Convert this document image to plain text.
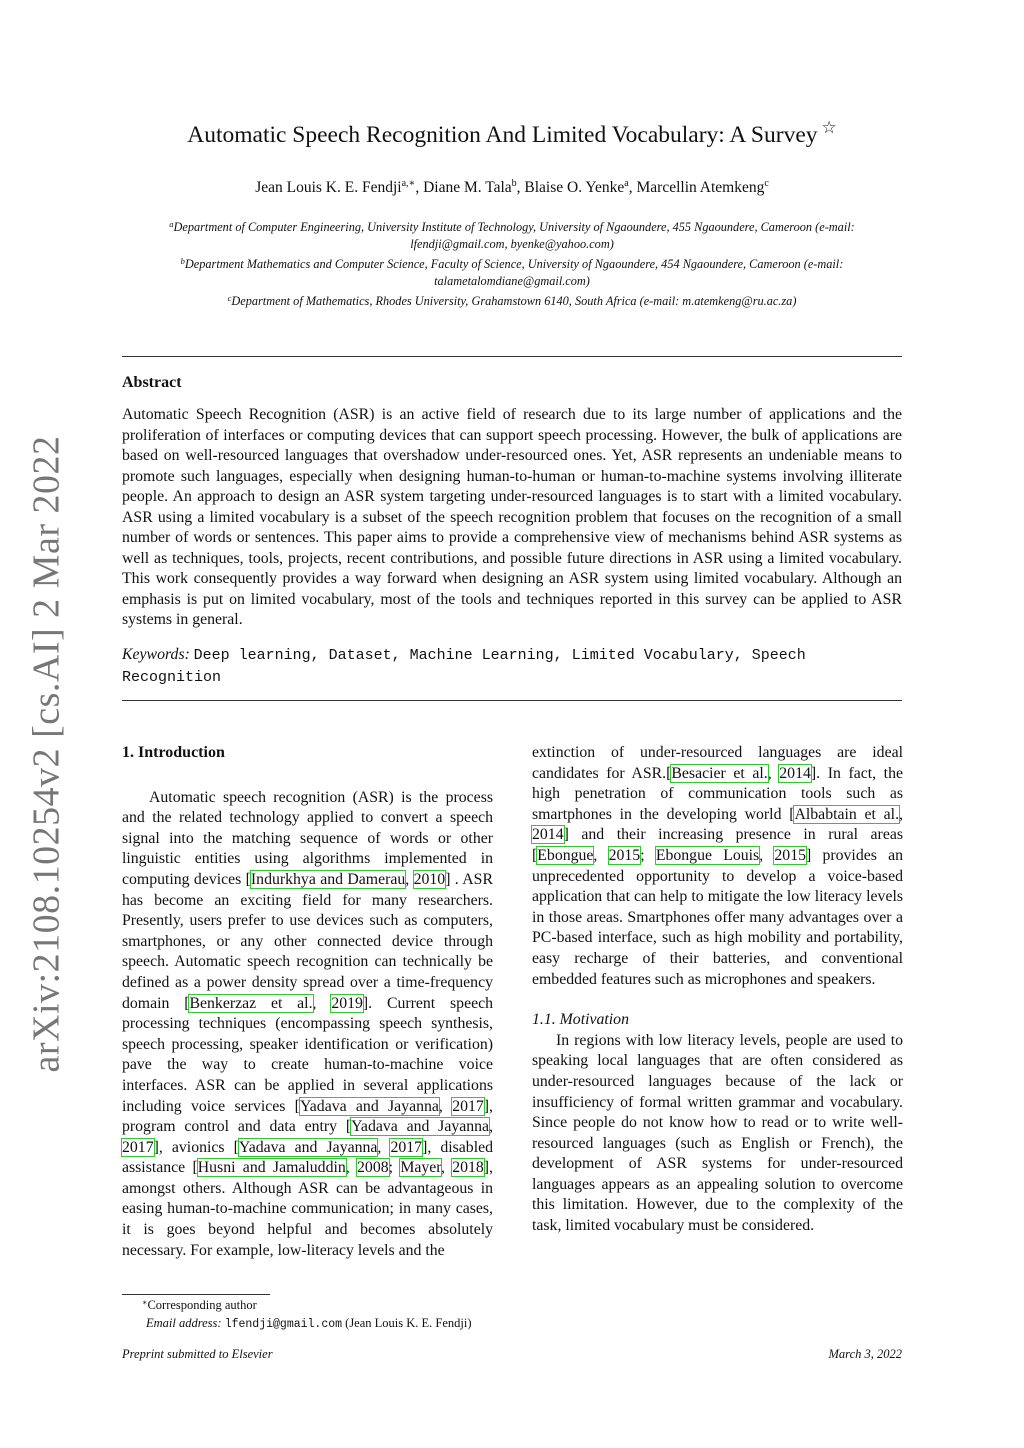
arXiv:2108.10254v2 [cs.AI] 2 Mar 2022
Automatic Speech Recognition And Limited Vocabulary: A Survey ☆
Jean Louis K. E. Fendji$^{a,∗}$, Diane M. Tala$^b$, Blaise O. Yenke$^a$, Marcellin Atemkeng$^c$
$^a$Department of Computer Engineering, University Institute of Technology, University of Ngaoundere, 455 Ngaoundere, Cameroon (e-mail:
lfendji@gmail.com, byenke@yahoo.com)
$^b$Department Mathematics and Computer Science, Faculty of Science, University of Ngaoundere, 454 Ngaoundere, Cameroon (e-mail:
talametalomdiane@gmail.com)
$^c$Department of Mathematics, Rhodes University, Grahamstown 6140, South Africa (e-mail: m.atemkeng@ru.ac.za)
Abstract
Automatic Speech Recognition (ASR) is an active field of research due to its large number of applications and the proliferation of interfaces or computing devices that can support speech processing. However, the bulk of applications are based on well-resourced languages that overshadow under-resourced ones. Yet, ASR represents an undeniable means to promote such languages, especially when designing human-to-human or human-to-machine systems involving illiterate people. An approach to design an ASR system targeting under-resourced languages is to start with a limited vocabulary. ASR using a limited vocabulary is a subset of the speech recognition problem that focuses on the recognition of a small number of words or sentences. This paper aims to provide a comprehensive view of mechanisms behind ASR systems as well as techniques, tools, projects, recent contributions, and possible future directions in ASR using a limited vocabulary. This work consequently provides a way forward when designing an ASR system using limited vocabulary. Although an emphasis is put on limited vocabulary, most of the tools and techniques reported in this survey can be applied to ASR systems in general.
Keywords: Deep learning, Dataset, Machine Learning, Limited Vocabulary, Speech Recognition
1. Introduction

Automatic speech recognition (ASR) is the process and the related technology applied to convert a speech signal into the matching sequence of words or other linguistic entities using algorithms implemented in computing devices [Indurkhya and Damerau, 2010] . ASR has become an exciting field for many researchers. Presently, users prefer to use devices such as computers, smartphones, or any other connected device through speech. Automatic speech recognition can technically be defined as a power density spread over a time-frequency domain [Benkerzaz et al., 2019]. Current speech processing techniques (encompassing speech synthesis, speech processing, speaker identification or verification) pave the way to create human-to-machine voice interfaces. ASR can be applied in several applications including voice services [Yadava and Jayanna, 2017], program control and data entry [Yadava and Jayanna, 2017], avionics [Yadava and Jayanna, 2017], disabled assistance [Husni and Jamaluddin, 2008; Mayer, 2018], amongst others. Although ASR can be advantageous in easing human-to-machine communication; in many cases, it is goes beyond helpful and becomes absolutely necessary. For example, low-literacy levels and the

extinction of under-resourced languages are ideal candidates for ASR.[Besacier et al., 2014]. In fact, the high penetration of communication tools such as smartphones in the developing world [Albabtain et al., 2014] and their increasing presence in rural areas [Ebongue, 2015; Ebongue Louis, 2015] provides an unprecedented opportunity to develop a voice-based application that can help to mitigate the low literacy levels in those areas. Smartphones offer many advantages over a PC-based interface, such as high mobility and portability, easy recharge of their batteries, and conventional embedded features such as microphones and speakers.

1.1. Motivation

In regions with low literacy levels, people are used to speaking local languages that are often considered as under-resourced languages because of the lack or insufficiency of formal written grammar and vocabulary. Since people do not know how to read or to write well-resourced languages (such as English or French), the development of ASR systems for under-resourced languages appears as an appealing solution to overcome this limitation. However, due to the complexity of the task, limited vocabulary must be considered.

∗Corresponding author
Email address: lfendji@gmail.com (Jean Louis K. E. Fendji)
Preprint submitted to Elsevier	March 3, 2022
